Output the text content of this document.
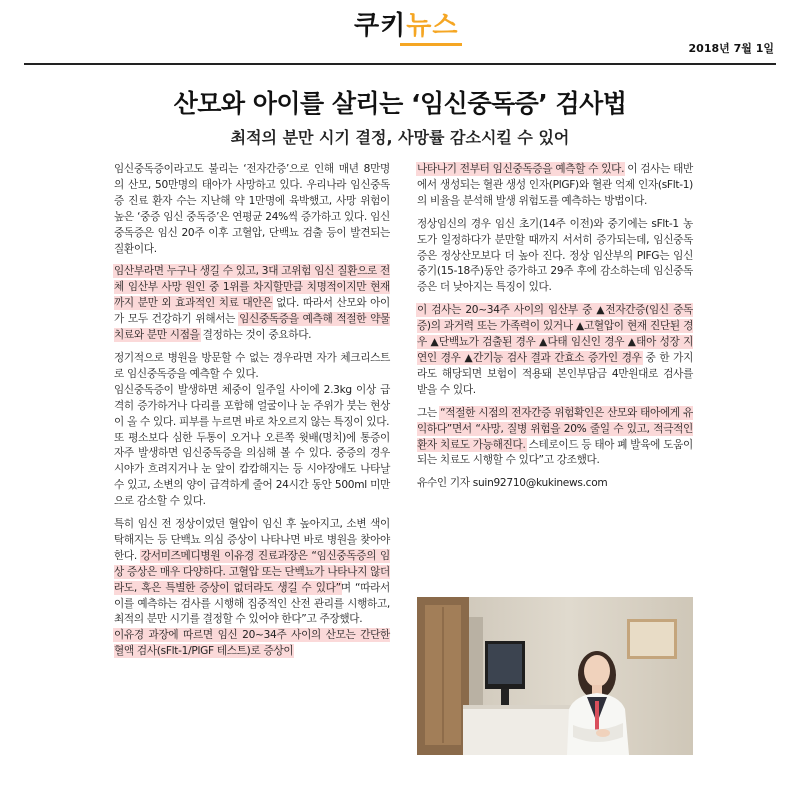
쿠키뉴스
2018년 7월 1일
산모와 아이를 살리는 ‘임신중독증’ 검사법
최적의 분만 시기 결정, 사망률 감소시킬 수 있어

임신중독증이라고도 불리는 ‘전자간증’으로 인해 매년 8만명의 산모, 50만명의 태아가 사망하고 있다. 우리나라 임신중독증 진료 환자 수는 지난해 약 1만명에 육박했고, 사망 위험이 높은 ‘중증 임신 중독증’은 연평균 24%씩 증가하고 있다. 임신중독증은 임신 20주 이후 고혈압, 단백뇨 검출 등이 발견되는 질환이다.

임산부라면 누구나 생길 수 있고, 3대 고위험 임신 질환으로 전체 임산부 사망 원인 중 1위를 차지할만큼 치명적이지만 현재까지 분만 외 효과적인 치료 대안은 없다. 따라서 산모와 아이가 모두 건강하기 위해서는 임신중독증을 예측해 적절한 약물치료와 분만 시점을 결정하는 것이 중요하다.

정기적으로 병원을 방문할 수 없는 경우라면 자가 체크리스트로 임신중독증을 예측할 수 있다.

임신중독증이 발생하면 체중이 일주일 사이에 2.3kg 이상 급격히 증가하거나 다리를 포함해 얼굴이나 눈 주위가 붓는 현상이 올 수 있다. 피부를 누르면 바로 차오르지 않는 특징이 있다.

또 평소보다 심한 두통이 오거나 오른쪽 윗배(명치)에 통증이 자주 발생하면 임신중독증을 의심해 볼 수 있다. 중증의 경우 시야가 흐려지거나 눈 앞이 캄캄해지는 등 시야장애도 나타날 수 있고, 소변의 양이 급격하게 줄어 24시간 동안 500ml 미만으로 감소할 수 있다.

특히 임신 전 정상이었던 혈압이 임신 후 높아지고, 소변 색이 탁해지는 등 단백뇨 의심 증상이 나타나면 바로 병원을 찾아야 한다. 강서미즈메디병원 이유경 진료과장은 “임신중독증의 임상 증상은 매우 다양하다. 고혈압 또는 단백뇨가 나타나지 않더라도, 혹은 특별한 증상이 없더라도 생길 수 있다”며 “따라서 이를 예측하는 검사를 시행해 집중적인 산전 관리를 시행하고, 최적의 분만 시기를 결정할 수 있어야 한다”고 주장했다.

이유경 과장에 따르면 임신 20~34주 사이의 산모는 간단한 혈액 검사(sFlt-1/PlGF 테스트)로 증상이

나타나기 전부터 임신중독증을 예측할 수 있다. 이 검사는 태반에서 생성되는 혈관 생성 인자(PlGF)와 혈관 억제 인자(sFlt-1)의 비율을 분석해 발생 위험도를 예측하는 방법이다.

정상임신의 경우 임신 초기(14주 이전)와 중기에는 sFlt-1 농도가 일정하다가 분만할 때까지 서서히 증가되는데, 임신중독증은 정상산모보다 더 높아 진다. 정상 임산부의 PlFG는 임신 중기(15-18주)동안 증가하고 29주 후에 감소하는데 임신중독증은 더 낮아지는 특징이 있다.

이 검사는 20~34주 사이의 임산부 중 ▲전자간증(임신 중독증)의 과거력 또는 가족력이 있거나 ▲고혈압이 현재 진단된 경우 ▲단백뇨가 검출된 경우 ▲다태 임신인 경우 ▲태아 성장 지연인 경우 ▲간기능 검사 결과 간효소 증가인 경우 중 한 가지라도 해당되면 보험이 적용돼 본인부담금 4만원대로 검사를 받을 수 있다.

그는 “적절한 시점의 전자간증 위험확인은 산모와 태아에게 유익하다”면서 “사망, 질병 위험을 20% 줄일 수 있고, 적극적인 환자 치료도 가능해진다. 스테로이드 등 태아 폐 발육에 도움이 되는 치료도 시행할 수 있다”고 강조했다.

유수인 기자 suin92710@kukinews.com
